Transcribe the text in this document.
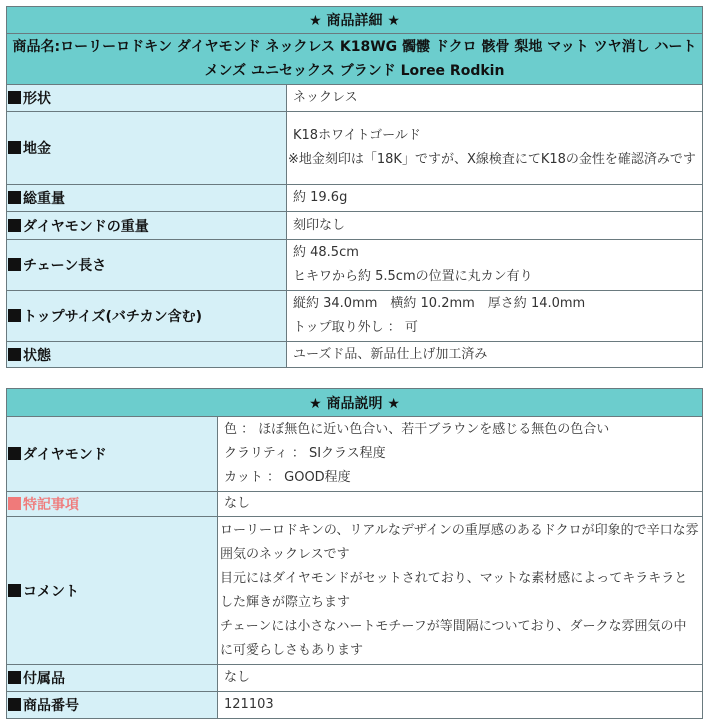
★ 商品詳細 ★	
商品名:ローリーロドキン ダイヤモンド ネックレス K18WG 髑髏 ドクロ 骸骨 梨地 マット ツヤ消し ハート メンズ ユニセックス ブランド Loree Rodkin	
形状	ネックレス

地金	K18ホワイトゴールド
※地金刻印は「18K」ですが、X線検査にてK18の金性を確認済みです

総重量	約 19.6g

ダイヤモンドの重量	刻印なし

チェーン長さ	約 48.5cm
ヒキワから約 5.5cmの位置に丸カン有り

トップサイズ(バチカン含む)	縦約 34.0mm　横約 10.2mm　厚さ約 14.0mm
トップ取り外し ： 可

状態	ユーズド品、新品仕上げ加工済み
★ 商品説明 ★	
ダイヤモンド	色 ： ほぼ無色に近い色合い、若干ブラウンを感じる無色の色合い
クラリティ ： SIクラス程度
カット ： GOOD程度

特記事項	なし

コメント	ローリーロドキンの、リアルなデザインの重厚感のあるドクロが印象的で辛口な雰囲気のネックレスです
目元にはダイヤモンドがセットされており、マットな素材感によってキラキラとした輝きが際立ちます
チェーンには小さなハートモチーフが等間隔についており、ダークな雰囲気の中に可愛らしさもあります

付属品	なし

商品番号	121103
